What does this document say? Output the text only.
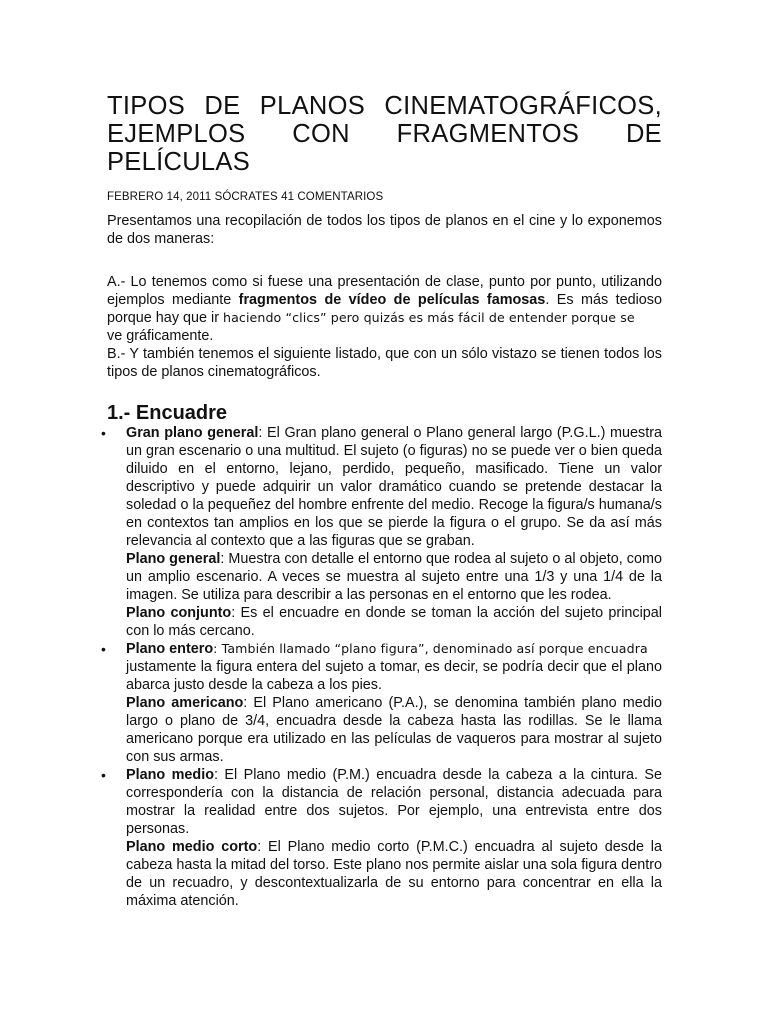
TIPOS DE PLANOS CINEMATOGRÁFICOS,
EJEMPLOS CON FRAGMENTOS DE
PELÍCULAS
FEBRERO 14, 2011 SÓCRATES 41 COMENTARIOS

Presentamos una recopilación de todos los tipos de planos en el cine y lo exponemos de dos maneras:

A.- Lo tenemos como si fuese una presentación de clase, punto por punto, utilizando ejemplos mediante fragmentos de vídeo de películas famosas. Es más tedioso porque hay que ir haciendo “clics” pero quizás es más fácil de entender porque se
ve gráficamente.

B.- Y también tenemos el siguiente listado, que con un sólo vistazo se tienen todos los tipos de planos cinematográficos.

1.- Encuadre
• Gran plano general: El Gran plano general o Plano general largo (P.G.L.) muestra un gran escenario o una multitud. El sujeto (o figuras) no se puede ver o bien queda diluido en el entorno, lejano, perdido, pequeño, masificado. Tiene un valor descriptivo y puede adquirir un valor dramático cuando se pretende destacar la soledad o la pequeñez del hombre enfrente del medio. Recoge la figura/s humana/s en contextos tan amplios en los que se pierde la figura o el grupo. Se da así más relevancia al contexto que a las figuras que se graban.

Plano general: Muestra con detalle el entorno que rodea al sujeto o al objeto, como un amplio escenario. A veces se muestra al sujeto entre una 1/3 y una 1/4 de la imagen. Se utiliza para describir a las personas en el entorno que les rodea.

Plano conjunto: Es el encuadre en donde se toman la acción del sujeto principal con lo más cercano.

• Plano entero: También llamado “plano figura”, denominado así porque encuadra
justamente la figura entera del sujeto a tomar, es decir, se podría decir que el plano abarca justo desde la cabeza a los pies.

Plano americano: El Plano americano (P.A.), se denomina también plano medio largo o plano de 3/4, encuadra desde la cabeza hasta las rodillas. Se le llama americano porque era utilizado en las películas de vaqueros para mostrar al sujeto con sus armas.

• Plano medio: El Plano medio (P.M.) encuadra desde la cabeza a la cintura. Se correspondería con la distancia de relación personal, distancia adecuada para mostrar la realidad entre dos sujetos. Por ejemplo, una entrevista entre dos personas.

Plano medio corto: El Plano medio corto (P.M.C.) encuadra al sujeto desde la cabeza hasta la mitad del torso. Este plano nos permite aislar una sola figura dentro de un recuadro, y descontextualizarla de su entorno para concentrar en ella la máxima atención.
